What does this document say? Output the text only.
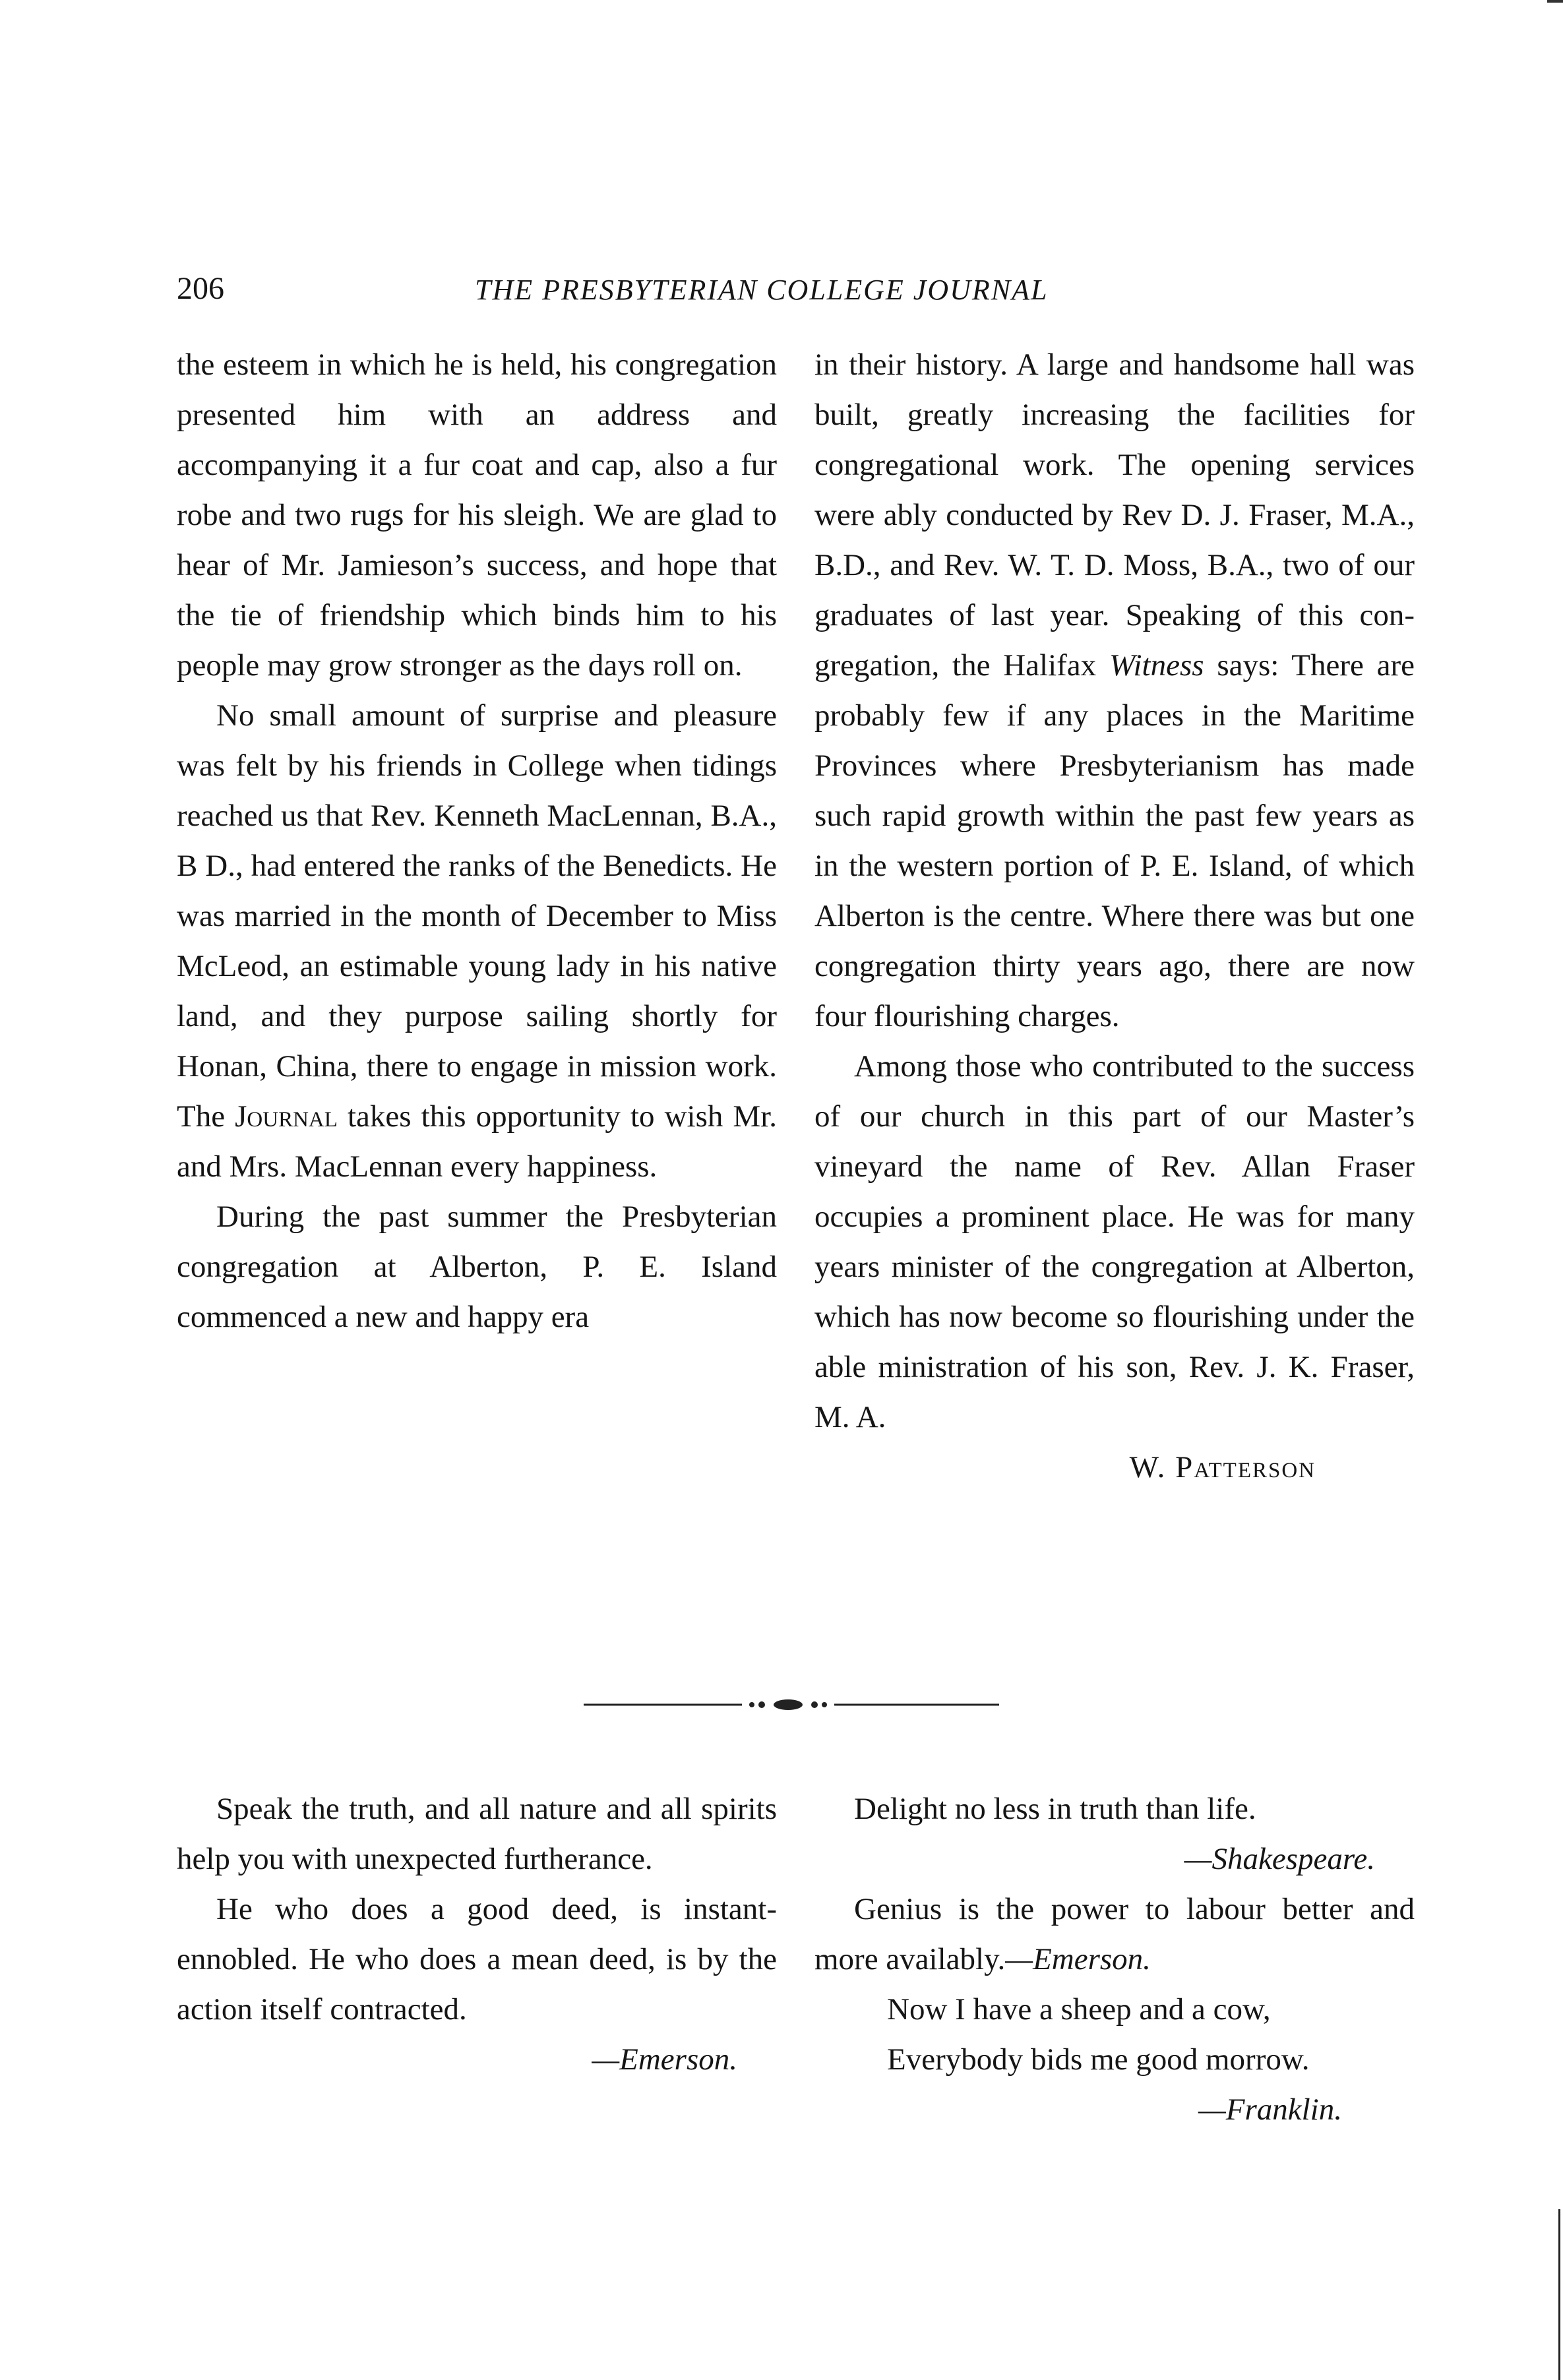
206	THE PRESBYTERIAN COLLEGE JOURNAL

the esteem in which he is held, his congregation presented him with an address and accompanying it a fur coat and cap, also a fur robe and two rugs for his sleigh. We are glad to hear of Mr. Jamieson’s success, and hope that the tie of friendship which binds him to his people may grow stronger as the days roll on.

No small amount of surprise and pleasure was felt by his friends in College when tidings reached us that Rev. Kenneth MacLennan, B.A., B D., had entered the ranks of the Benedicts. He was married in the month of December to Miss McLeod, an estimable young lady in his native land, and they purpose sailing shortly for Honan, China, there to engage in mission work. The Journal takes this opportunity to wish Mr. and Mrs. MacLennan every happiness.

During the past summer the Presbyterian congregation at Alberton, P. E. Island commenced a new and happy era

in their history. A large and handsome hall was built, greatly increasing the facilities for congregational work. The opening services were ably conducted by Rev D. J. Fraser, M.A., B.D., and Rev. W. T. D. Moss, B.A., two of our graduates of last year. Speaking of this congregation, the Halifax Witness says: There are probably few if any places in the Maritime Provinces where Presbyterianism has made such rapid growth within the past few years as in the western portion of P. E. Island, of which Alberton is the centre. Where there was but one congregation thirty years ago, there are now four flourishing charges.

Among those who contributed to the success of our church in this part of our Master’s vineyard the name of Rev. Allan Fraser occupies a prominent place. He was for many years minister of the congregation at Alberton, which has now become so flourishing under the able ministration of his son, Rev. J. K. Fraser, M. A.

W. Patterson

Speak the truth, and all nature and all spirits help you with unexpected furtherance.

He who does a good deed, is instantennobled. He who does a mean deed, is by the action itself contracted.

—Emerson.

Delight no less in truth than life.

—Shakespeare.

Genius is the power to labour better and more availably.—Emerson.

Now I have a sheep and a cow,

Everybody bids me good morrow.

—Franklin.
